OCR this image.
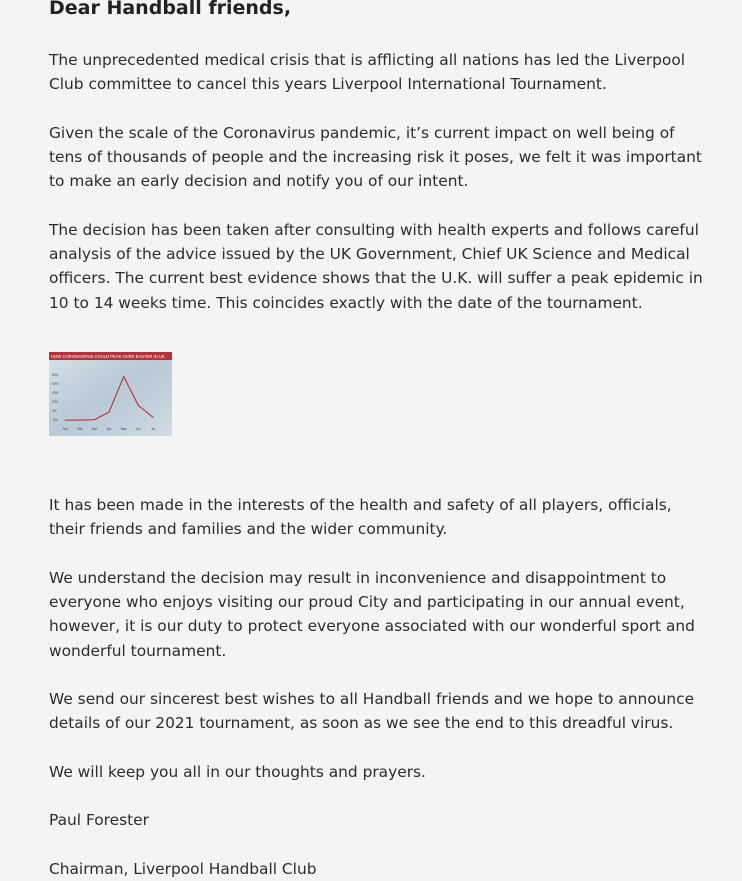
Dear Handball friends,
The unprecedented medical crisis that is afflicting all nations has led the Liverpool
Club committee to cancel this years Liverpool International Tournament.
Given the scale of the Coronavirus pandemic, it’s current impact on well being of
tens of thousands of people and the increasing risk it poses, we felt it was important
to make an early decision and notify you of our intent.
The decision has been taken after consulting with health experts and follows careful
analysis of the advice issued by the UK Government, Chief UK Science and Medical
officers. The current best evidence shows that the U.K. will suffer a peak epidemic in
10 to 14 weeks time. This coincides exactly with the date of the tournament.
HOW CORONAVIRUS COULD PEAK OVER EASTER IN UK
80%
60%
40%
20%
0%
-5%
Jan	Feb	Mar	Apr	May	Jun	Jul
It has been made in the interests of the health and safety of all players, officials,
their friends and families and the wider community.
We understand the decision may result in inconvenience and disappointment to
everyone who enjoys visiting our proud City and participating in our annual event,
however, it is our duty to protect everyone associated with our wonderful sport and
wonderful tournament.
We send our sincerest best wishes to all Handball friends and we hope to announce
details of our 2021 tournament, as soon as we see the end to this dreadful virus.
We will keep you all in our thoughts and prayers.
Paul Forester
Chairman, Liverpool Handball Club
